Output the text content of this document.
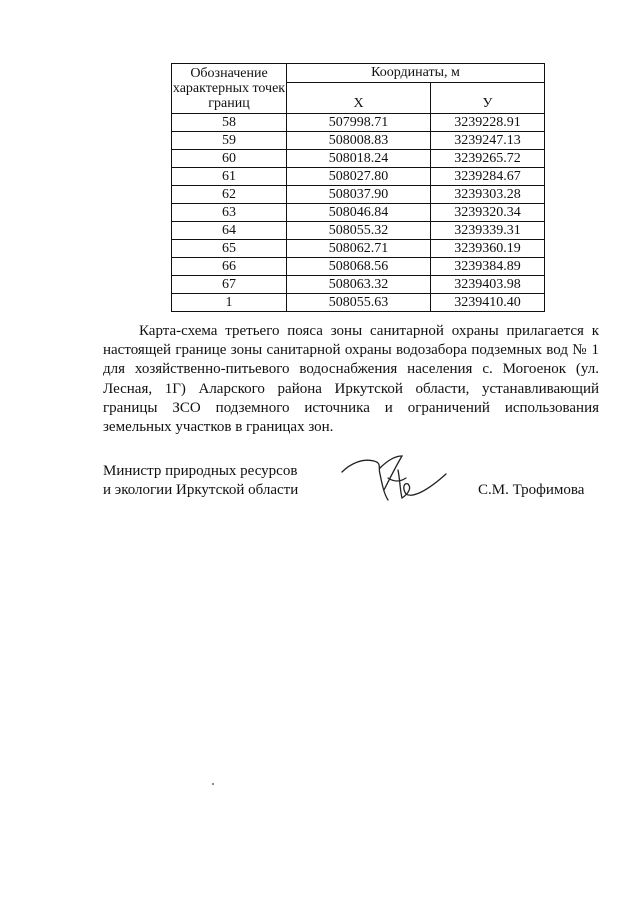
Обозначение характерных точек границ	Координаты, м	
	X	У
58	507998.71	3239228.91
59	508008.83	3239247.13
60	508018.24	3239265.72
61	508027.80	3239284.67
62	508037.90	3239303.28
63	508046.84	3239320.34
64	508055.32	3239339.31
65	508062.71	3239360.19
66	508068.56	3239384.89
67	508063.32	3239403.98
1	508055.63	3239410.40

Карта-схема третьего пояса зоны санитарной охраны прилагается к настоящей границе зоны санитарной охраны водозабора подземных вод № 1 для хозяйственно-питьевого водоснабжения населения с. Могоенок (ул. Лесная, 1Г) Аларского района Иркутской области, устанавливающий границы ЗСО подземного источника и ограничений использования земельных участков в границах зон.

Министр природных ресурсов
и экологии Иркутской области	С.М. Трофимова
